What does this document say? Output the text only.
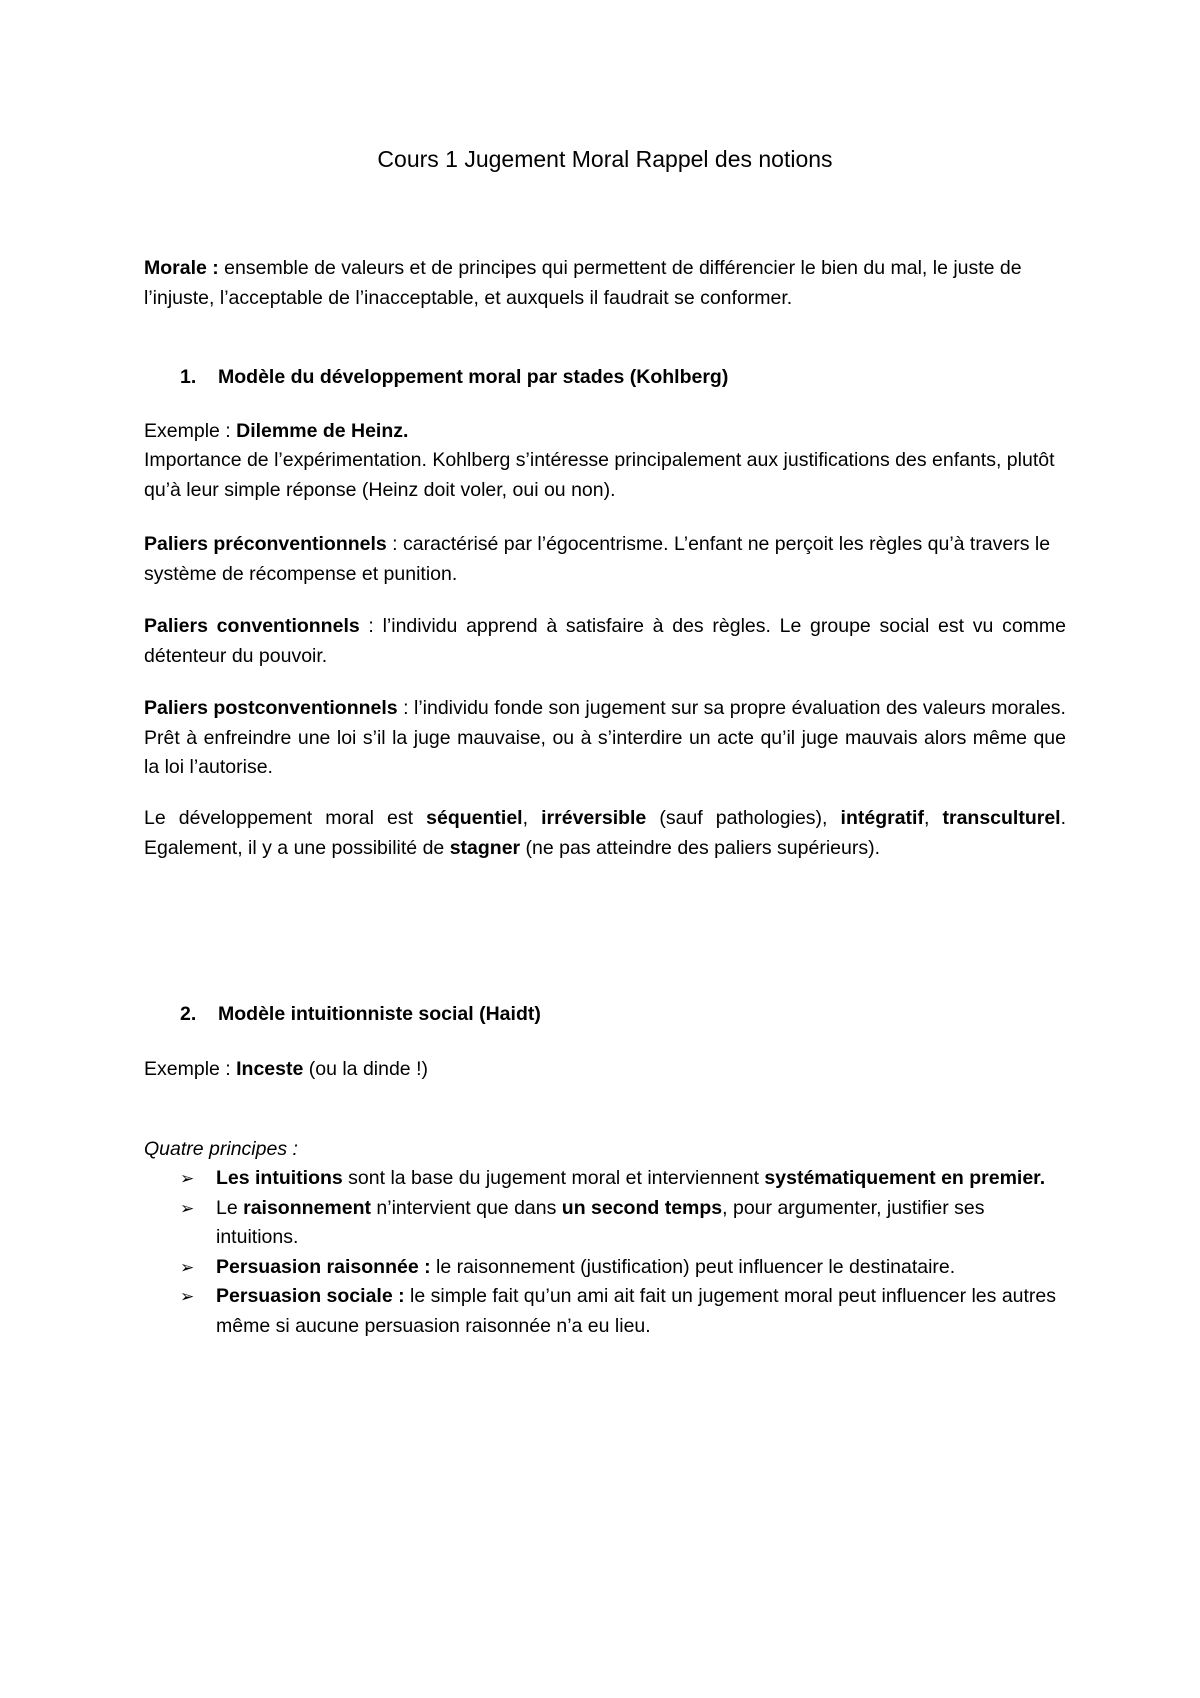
Cours 1 Jugement Moral Rappel des notions

Morale : ensemble de valeurs et de principes qui permettent de différencier le bien du mal, le juste de l’injuste, l’acceptable de l’inacceptable, et auxquels il faudrait se conformer.

1. Modèle du développement moral par stades (Kohlberg)

Exemple : Dilemme de Heinz.

Importance de l’expérimentation. Kohlberg s’intéresse principalement aux justifications des enfants, plutôt qu’à leur simple réponse (Heinz doit voler, oui ou non).

Paliers préconventionnels : caractérisé par l’égocentrisme. L’enfant ne perçoit les règles qu’à travers le système de récompense et punition.

Paliers conventionnels : l’individu apprend à satisfaire à des règles. Le groupe social est vu comme détenteur du pouvoir.

Paliers postconventionnels : l’individu fonde son jugement sur sa propre évaluation des valeurs morales. Prêt à enfreindre une loi s’il la juge mauvaise, ou à s’interdire un acte qu’il juge mauvais alors même que la loi l’autorise.

Le développement moral est séquentiel, irréversible (sauf pathologies), intégratif, transculturel. Egalement, il y a une possibilité de stagner (ne pas atteindre des paliers supérieurs).

2. Modèle intuitionniste social (Haidt)

Exemple : Inceste (ou la dinde !)

Quatre principes :

➢	Les intuitions sont la base du jugement moral et interviennent systématiquement en premier.
➢	Le raisonnement n’intervient que dans un second temps, pour argumenter, justifier ses intuitions.
➢	Persuasion raisonnée : le raisonnement (justification) peut influencer le destinataire.
➢	Persuasion sociale : le simple fait qu’un ami ait fait un jugement moral peut influencer les autres même si aucune persuasion raisonnée n’a eu lieu.
